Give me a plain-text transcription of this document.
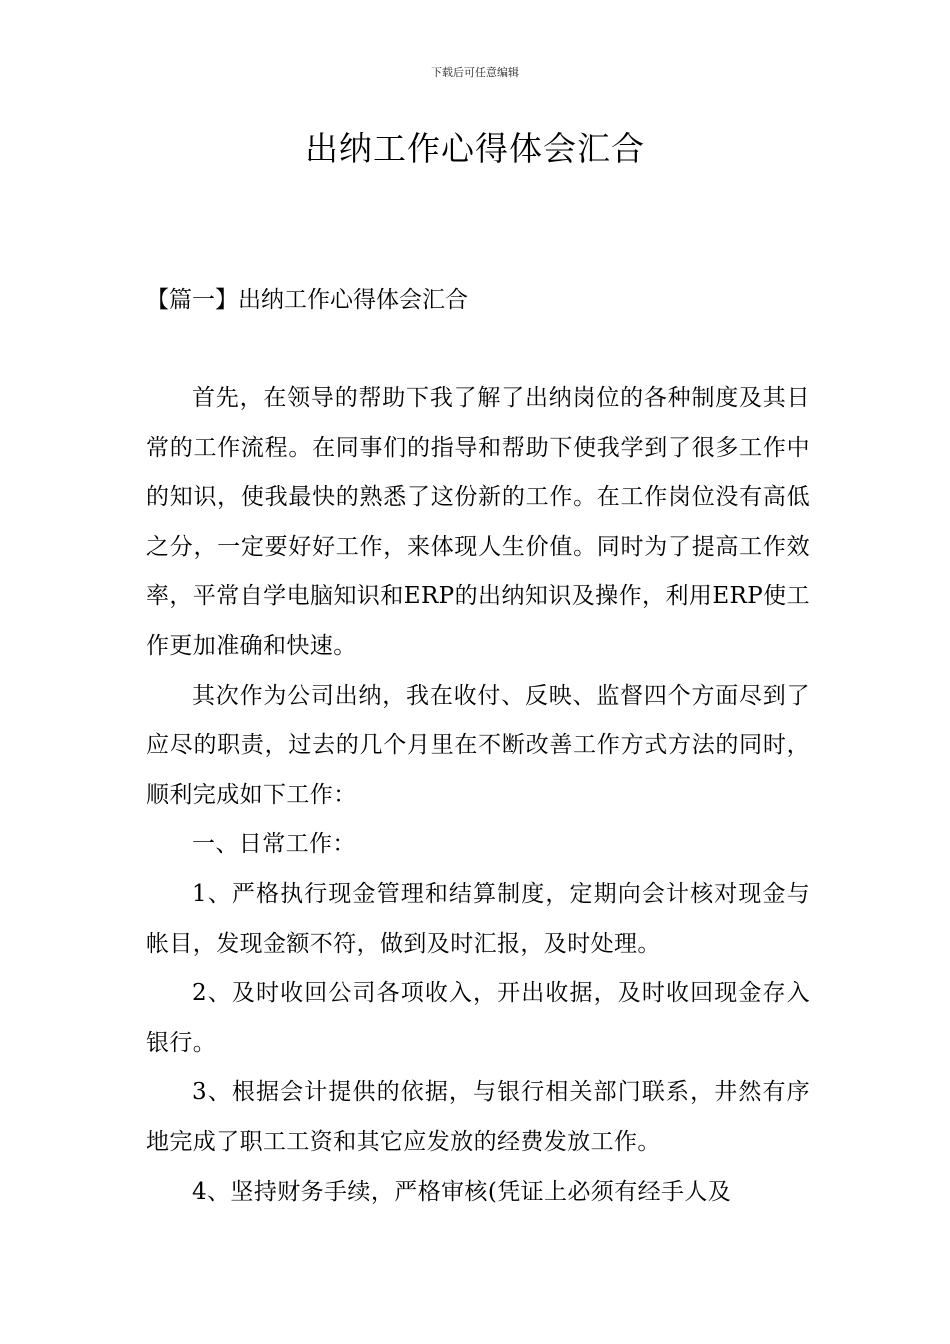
下载后可任意编辑
出纳工作心得体会汇合
【篇一】出纳工作心得体会汇合

首先，在领导的帮助下我了解了出纳岗位的各种制度及其日常的工作流程。在同事们的指导和帮助下使我学到了很多工作中的知识，使我最快的熟悉了这份新的工作。在工作岗位没有高低之分，一定要好好工作，来体现人生价值。同时为了提高工作效率，平常自学电脑知识和ERP的出纳知识及操作，利用ERP使工作更加准确和快速。

其次作为公司出纳，我在收付、反映、监督四个方面尽到了应尽的职责，过去的几个月里在不断改善工作方式方法的同时，顺利完成如下工作：

一、日常工作：

1、严格执行现金管理和结算制度，定期向会计核对现金与帐目，发现金额不符，做到及时汇报，及时处理。

2、及时收回公司各项收入，开出收据，及时收回现金存入银行。

3、根据会计提供的依据，与银行相关部门联系，井然有序地完成了职工工资和其它应发放的经费发放工作。

4、坚持财务手续，严格审核(凭证上必须有经手人及
